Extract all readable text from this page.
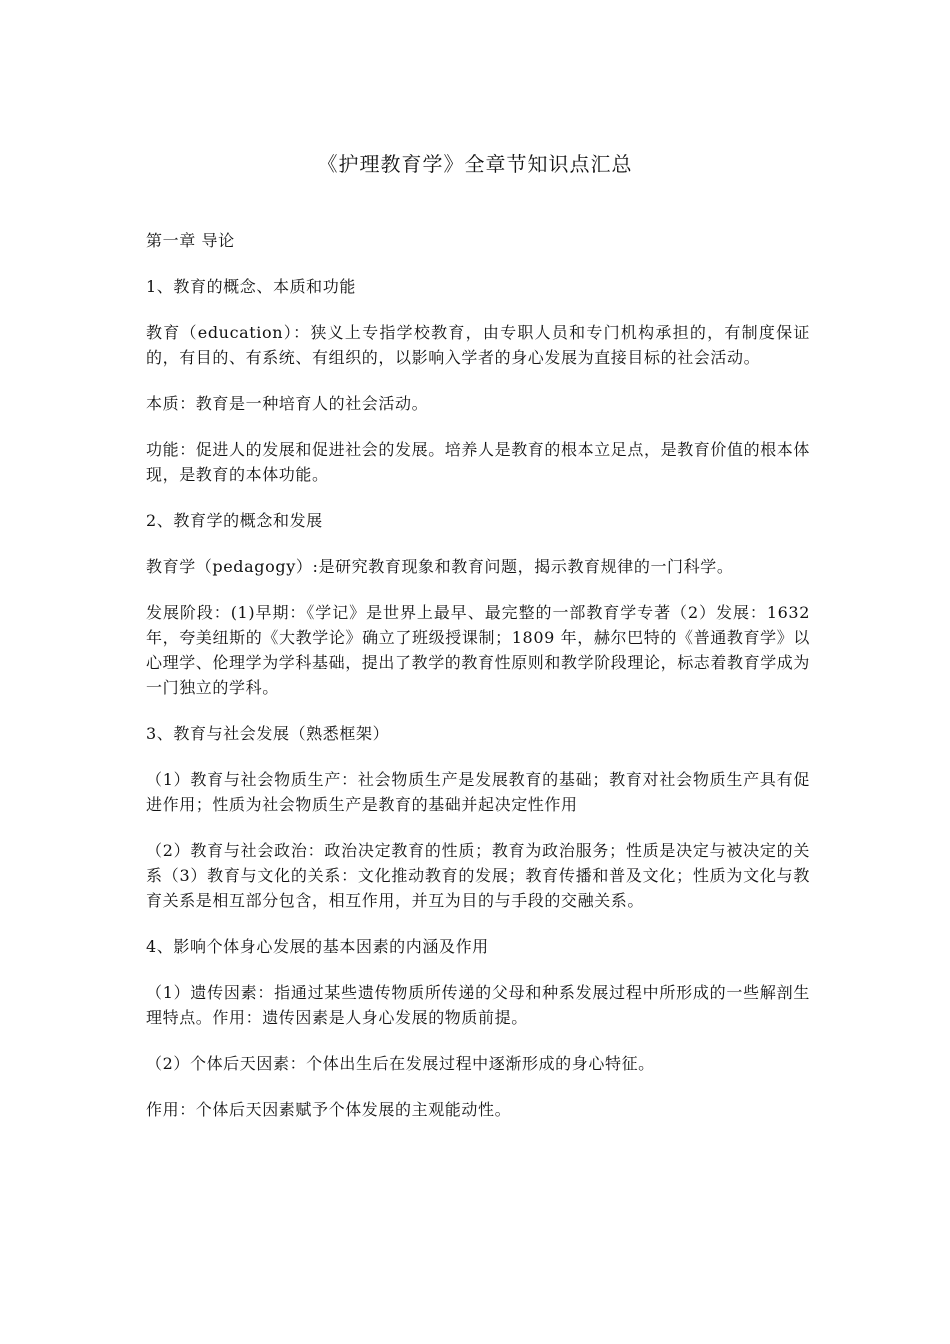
《护理教育学》全章节知识点汇总

第一章 导论

1、教育的概念、本质和功能

教育（education）：狭义上专指学校教育，由专职人员和专门机构承担的，有制度保证的，有目的、有系统、有组织的，以影响入学者的身心发展为直接目标的社会活动。

本质：教育是一种培育人的社会活动。

功能：促进人的发展和促进社会的发展。培养人是教育的根本立足点，是教育价值的根本体现，是教育的本体功能。

2、教育学的概念和发展

教育学（pedagogy）:是研究教育现象和教育问题，揭示教育规律的一门科学。

发展阶段：(1)早期：《学记》是世界上最早、最完整的一部教育学专著（2）发展：1632 年，夸美纽斯的《大教学论》确立了班级授课制；1809 年，赫尔巴特的《普通教育学》以心理学、伦理学为学科基础，提出了教学的教育性原则和教学阶段理论，标志着教育学成为一门独立的学科。

3、教育与社会发展（熟悉框架）

（1）教育与社会物质生产：社会物质生产是发展教育的基础；教育对社会物质生产具有促进作用；性质为社会物质生产是教育的基础并起决定性作用

（2）教育与社会政治：政治决定教育的性质；教育为政治服务；性质是决定与被决定的关系（3）教育与文化的关系：文化推动教育的发展；教育传播和普及文化；性质为文化与教育关系是相互部分包含，相互作用，并互为目的与手段的交融关系。

4、影响个体身心发展的基本因素的内涵及作用

（1）遗传因素：指通过某些遗传物质所传递的父母和种系发展过程中所形成的一些解剖生理特点。作用：遗传因素是人身心发展的物质前提。

（2）个体后天因素：个体出生后在发展过程中逐渐形成的身心特征。

作用：个体后天因素赋予个体发展的主观能动性。
